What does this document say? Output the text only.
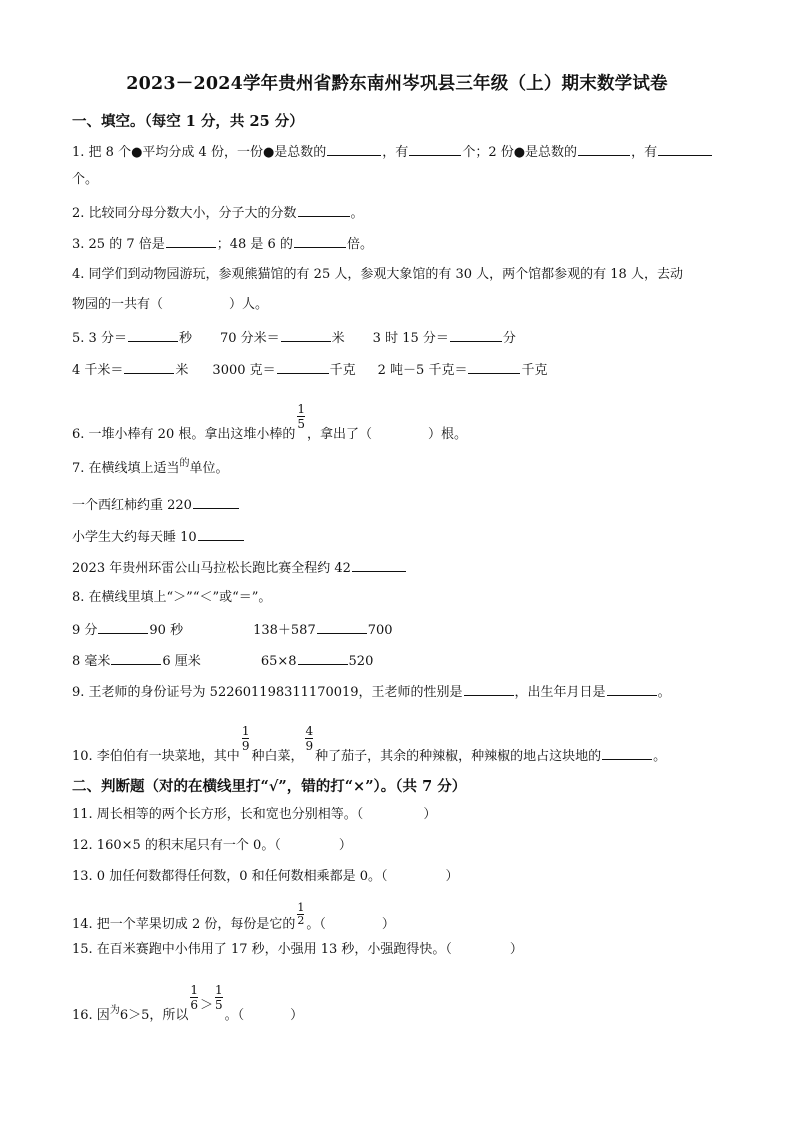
2023－2024学年贵州省黔东南州岑巩县三年级（上）期末数学试卷
一、填空。（每空 1 分，共 25 分）
1. 把 8 个●平均分成 4 份，一份●是总数的	，有	个；2 份●是总数的	，有
个。
2. 比较同分母分数大小，分子大的分数	。
3. 25 的 7 倍是	；48 是 6 的	倍。
4. 同学们到动物园游玩，参观熊猫馆的有 25 人，参观大象馆的有 30 人，两个馆都参观的有 18 人，去动
物园的一共有（	）人。
5. 3 分＝	秒 70 分米＝	米 3 时 15 分＝	分
4 千米＝	米 3000 克＝	千克 2 吨－5 千克＝	千克
6. 一堆小棒有 20 根。拿出这堆小棒的
$\frac{1}{5}$
，拿出了（	）根。
7. 在横线填上适当$^的$单位。
一个西红柿约重 220
小学生大约每天睡 10
2023 年贵州环雷公山马拉松长跑比赛全程约 42
8. 在横线里填上“＞”“＜”或“＝”。
9 分	90 秒	138＋587	700
8 毫米	6 厘米	65×8	520
9. 王老师的身份证号为 522601198311170019，王老师的性别是	，出生年月日是	。
10. 李伯伯有一块菜地，其中
$\frac{1}{9}$
种白菜，
$\frac{4}{9}$
种了茄子，其余的种辣椒，种辣椒的地占这块地的	。
二、判断题（对的在横线里打“√”，错的打“×”）。（共 7 分）
11. 周长相等的两个长方形，长和宽也分别相等。（	）
12. 160×5 的积末尾只有一个 0。（	）
13. 0 加任何数都得任何数，0 和任何数相乘都是 0。（	）
14. 把一个苹果切成 2 份，每份是它的 $\frac{1}{2}$ 。（	）
15. 在百米赛跑中小伟用了 17 秒，小强用 13 秒，小强跑得快。（	）
16. 因$^为$6＞5，所以
$\frac{1}{6} > \frac{1}{5}$
。（	）
